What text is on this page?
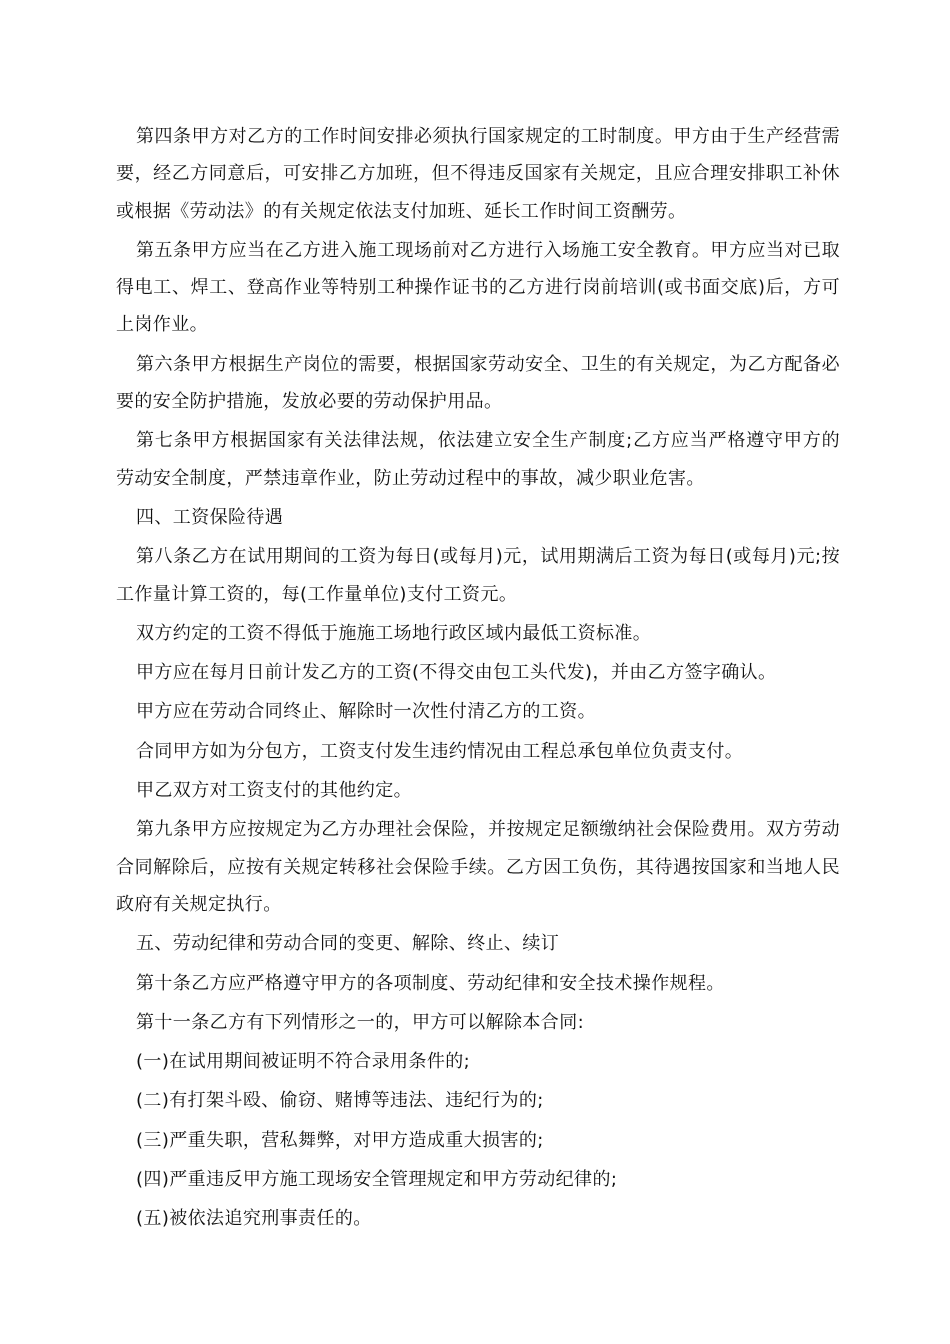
第四条甲方对乙方的工作时间安排必须执行国家规定的工时制度。甲方由于生产经营需要，经乙方同意后，可安排乙方加班，但不得违反国家有关规定，且应合理安排职工补休或根据《劳动法》的有关规定依法支付加班、延长工作时间工资酬劳。

第五条甲方应当在乙方进入施工现场前对乙方进行入场施工安全教育。甲方应当对已取得电工、焊工、登高作业等特别工种操作证书的乙方进行岗前培训(或书面交底)后，方可上岗作业。

第六条甲方根据生产岗位的需要，根据国家劳动安全、卫生的有关规定，为乙方配备必要的安全防护措施，发放必要的劳动保护用品。

第七条甲方根据国家有关法律法规，依法建立安全生产制度;乙方应当严格遵守甲方的劳动安全制度，严禁违章作业，防止劳动过程中的事故，减少职业危害。

四、工资保险待遇

第八条乙方在试用期间的工资为每日(或每月)元，试用期满后工资为每日(或每月)元;按工作量计算工资的，每(工作量单位)支付工资元。

双方约定的工资不得低于施施工场地行政区域内最低工资标准。

甲方应在每月日前计发乙方的工资(不得交由包工头代发)，并由乙方签字确认。

甲方应在劳动合同终止、解除时一次性付清乙方的工资。

合同甲方如为分包方，工资支付发生违约情况由工程总承包单位负责支付。

甲乙双方对工资支付的其他约定。

第九条甲方应按规定为乙方办理社会保险，并按规定足额缴纳社会保险费用。双方劳动合同解除后，应按有关规定转移社会保险手续。乙方因工负伤，其待遇按国家和当地人民政府有关规定执行。

五、劳动纪律和劳动合同的变更、解除、终止、续订

第十条乙方应严格遵守甲方的各项制度、劳动纪律和安全技术操作规程。

第十一条乙方有下列情形之一的，甲方可以解除本合同:

(一)在试用期间被证明不符合录用条件的;

(二)有打架斗殴、偷窃、赌博等违法、违纪行为的;

(三)严重失职，营私舞弊，对甲方造成重大损害的;

(四)严重违反甲方施工现场安全管理规定和甲方劳动纪律的;

(五)被依法追究刑事责任的。
